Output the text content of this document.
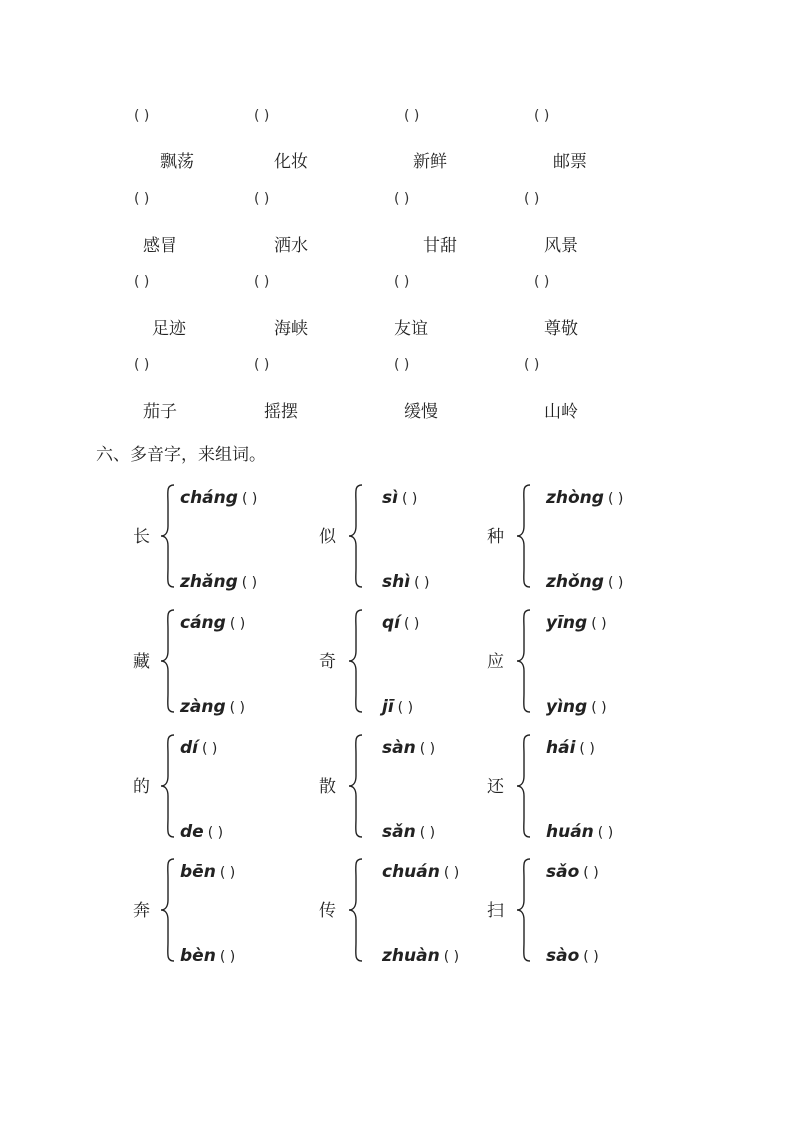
( )	( )	( )	( )
飘荡	化妆	新鲜	邮票
( )	( )	( )	( )
感冒	洒水	甘甜	风景
( )	( )	( )	( )
足迹	海峡	友谊	尊敬
( )	( )	( )	( )
茄子	摇摆	缓慢	山岭
六、多音字，来组词。
长
cháng ( )
zhǎng ( )
似
sì ( )
shì ( )
种
zhòng ( )
zhǒng ( )
藏
cáng ( )
zàng ( )
奇
qí ( )
jī ( )
应
yīng ( )
yìng ( )
的
dí ( )
de ( )
散
sàn ( )
sǎn ( )
还
hái ( )
huán ( )
奔
bēn ( )
bèn ( )
传
chuán ( )
zhuàn ( )
扫
sǎo ( )
sào ( )
